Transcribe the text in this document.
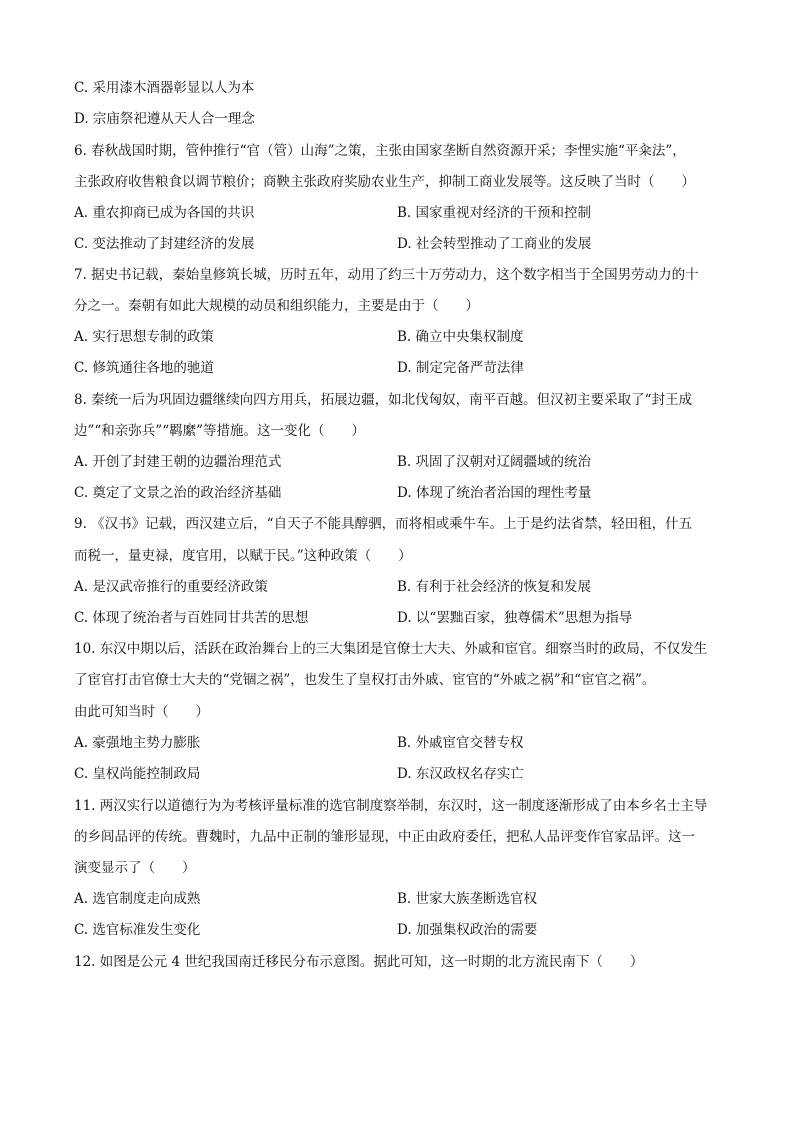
C. 采用漆木酒器彰显以人为本
D. 宗庙祭祀遵从天人合一理念
6. 春秋战国时期，管仲推行“官（管）山海”之策，主张由国家垄断自然资源开采；李悝实施“平籴法”，
主张政府收售粮食以调节粮价；商鞅主张政府奖励农业生产，抑制工商业发展等。这反映了当时（　　）
A. 重农抑商已成为各国的共识	B. 国家重视对经济的干预和控制
C. 变法推动了封建经济的发展	D. 社会转型推动了工商业的发展
7. 据史书记载，秦始皇修筑长城，历时五年，动用了约三十万劳动力，这个数字相当于全国男劳动力的十
分之一。秦朝有如此大规模的动员和组织能力，主要是由于（　　）
A. 实行思想专制的政策	B. 确立中央集权制度
C. 修筑通往各地的驰道	D. 制定完备严苛法律
8. 秦统一后为巩固边疆继续向四方用兵，拓展边疆，如北伐匈奴，南平百越。但汉初主要采取了“封王成
边”“和亲弥兵”“羁縻”等措施。这一变化（　　）
A. 开创了封建王朝的边疆治理范式	B. 巩固了汉朝对辽阔疆域的统治
C. 奠定了文景之治的政治经济基础	D. 体现了统治者治国的理性考量
9. 《汉书》记载，西汉建立后，“自天子不能具醇驷，而将相或乘牛车。上于是约法省禁，轻田租，什五
而税一，量吏禄，度官用，以赋于民。”这种政策（　　）
A. 是汉武帝推行的重要经济政策	B. 有利于社会经济的恢复和发展
C. 体现了统治者与百姓同甘共苦的思想	D. 以“罢黜百家，独尊儒术”思想为指导
10. 东汉中期以后，活跃在政治舞台上的三大集团是官僚士大夫、外戚和宦官。细察当时的政局，不仅发生
了宦官打击官僚士大夫的“党锢之祸”，也发生了皇权打击外戚、宦官的“外戚之祸”和“宦官之祸”。
由此可知当时（　　）
A. 豪强地主势力膨胀	B. 外戚宦官交替专权
C. 皇权尚能控制政局	D. 东汉政权名存实亡
11. 两汉实行以道德行为为考核评量标准的选官制度察举制，东汉时，这一制度逐渐形成了由本乡名士主导
的乡闾品评的传统。曹魏时，九品中正制的雏形显现，中正由政府委任，把私人品评变作官家品评。这一
演变显示了（　　）
A. 选官制度走向成熟	B. 世家大族垄断选官权
C. 选官标准发生变化	D. 加强集权政治的需要
12. 如图是公元 4 世纪我国南迁移民分布示意图。据此可知，这一时期的北方流民南下（　　）
